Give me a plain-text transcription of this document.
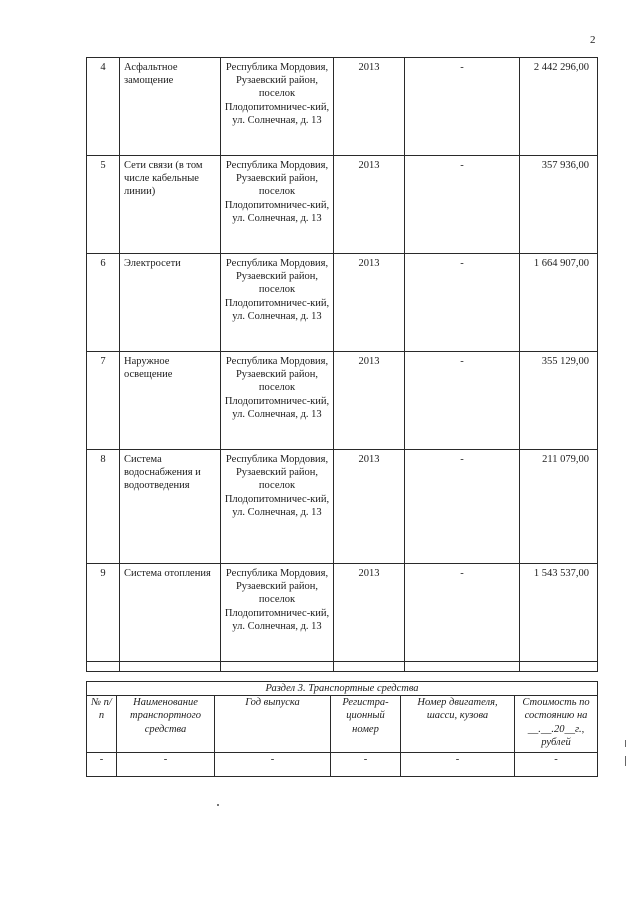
2
4	Асфальтное замощение	Республика Мордовия, Рузаевский район, поселок Плодопитомничес-кий, ул. Солнечная, д. 13	2013	-	2 442 296,00
5	Сети связи (в том числе кабельные линии)	Республика Мордовия, Рузаевский район, поселок Плодопитомничес-кий, ул. Солнечная, д. 13	2013	-	357 936,00
6	Электросети	Республика Мордовия, Рузаевский район, поселок Плодопитомничес-кий, ул. Солнечная, д. 13	2013	-	1 664 907,00
7	Наружное освещение	Республика Мордовия, Рузаевский район, поселок Плодопитомничес-кий, ул. Солнечная, д. 13	2013	-	355 129,00
8	Система водоснабжения и водоотведения	Республика Мордовия, Рузаевский район, поселок Плодопитомничес-кий, ул. Солнечная, д. 13	2013	-	211 079,00
9	Система отопления	Республика Мордовия, Рузаевский район, поселок Плодопитомничес-кий, ул. Солнечная, д. 13	2013	-	1 543 537,00

Раздел 3. Транспортные средства					
№ п/п	Наименование транспортного средства	Год выпуска	Регистра-ционный номер	Номер двигателя, шасси, кузова	Стоимость по состоянию на __.__.20__г., рублей
-	-	-	-	-	-
